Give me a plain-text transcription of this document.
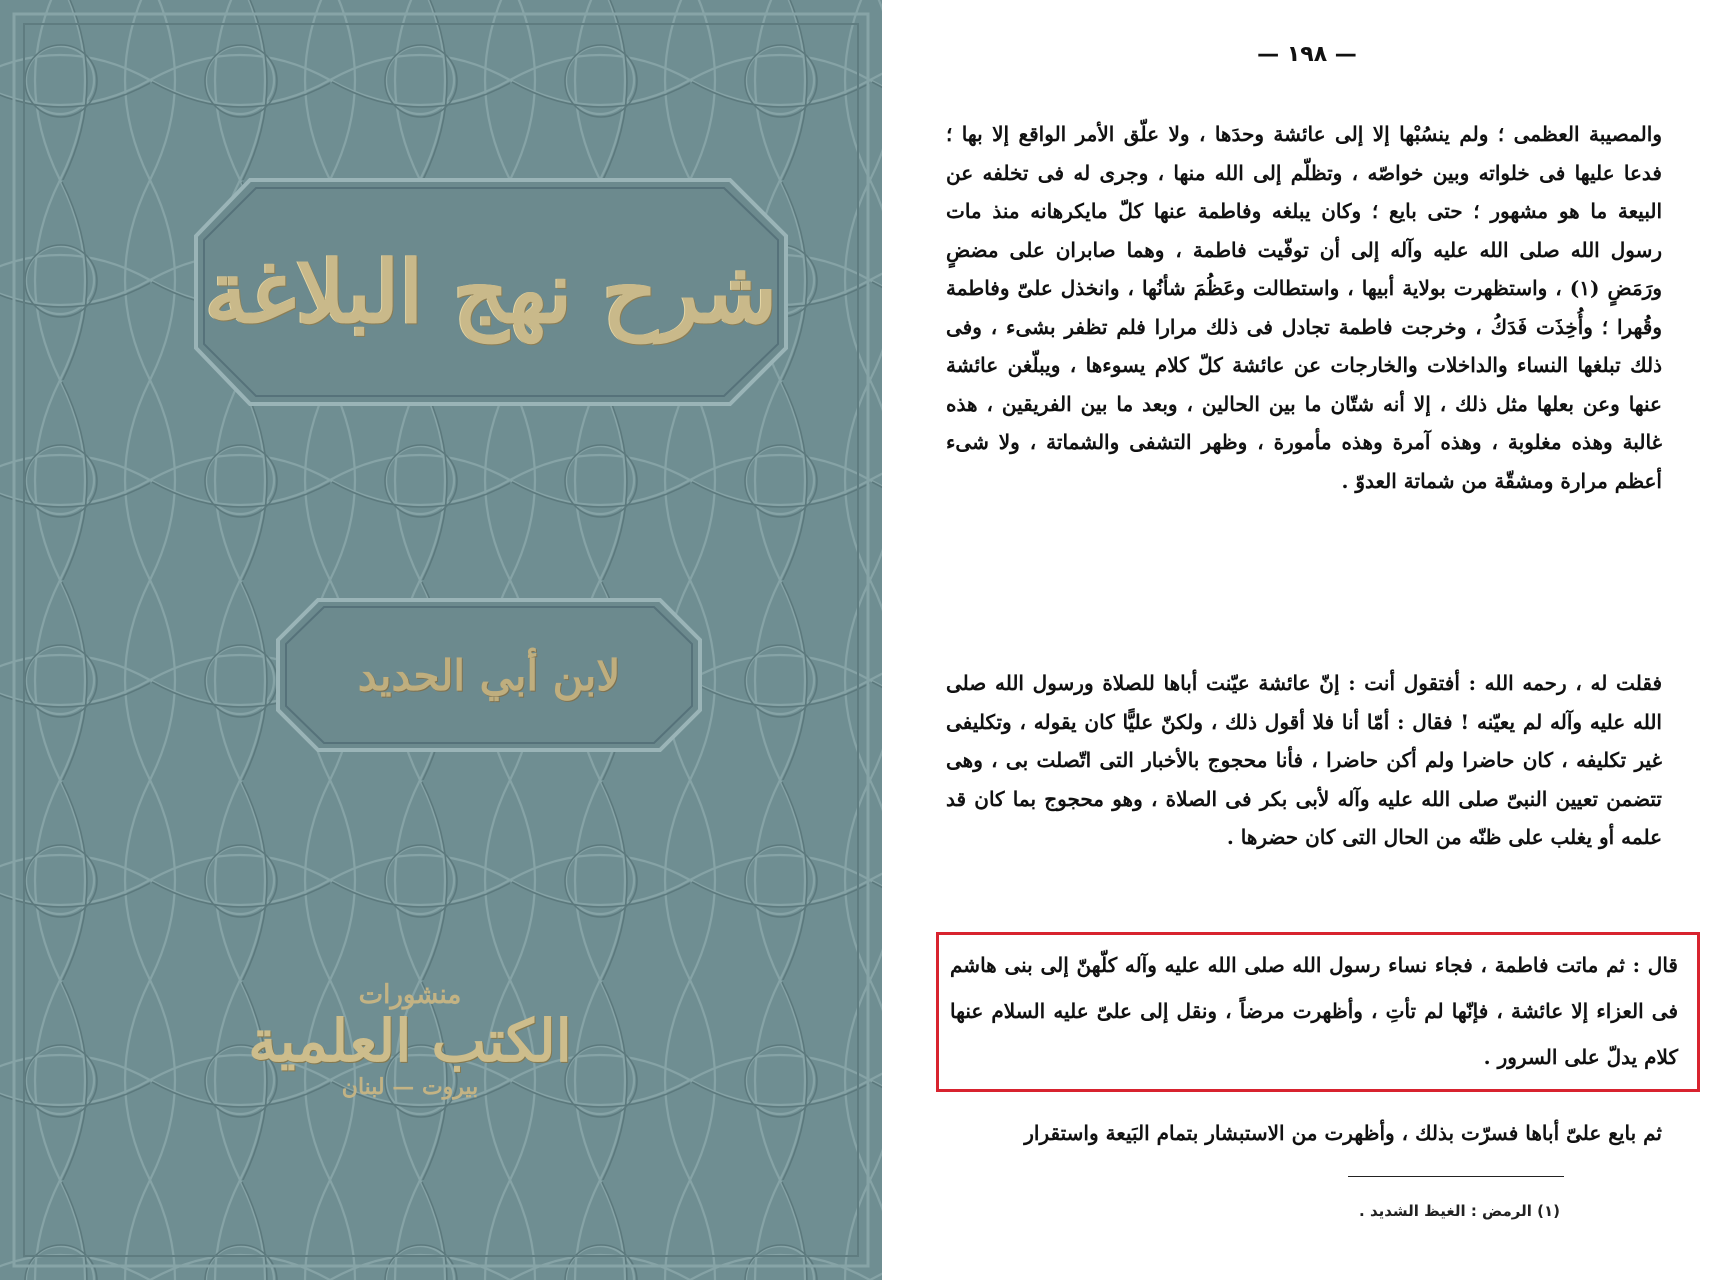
شرح نهج البلاغة
لابن أبي الحديد
منشورات
الكتب العلمية
بيروت — لبنان
— ١٩٨ —
والمصيبة العظمى ؛ ولم ينسُبْها إلا إلى عائشة وحدَها ، ولا علّق الأمر الواقع إلا بها ؛ فدعا عليها فى خلواته وبين خواصّه ، وتظلّم إلى الله منها ، وجرى له فى تخلفه عن البيعة ما هو مشهور ؛ حتى بايع ؛ وكان يبلغه وفاطمة عنها كلّ مايكرهانه منذ مات رسول الله صلى الله عليه وآله إلى أن توفّيت فاطمة ، وهما صابران على مضضٍ ورَمَضٍ (١) ، واستظهرت بولاية أبيها ، واستطالت وعَظُمَ شأنُها ، وانخذل علىّ وفاطمة وقُهرا ؛ وأُخِذَت فَدَكُ ، وخرجت فاطمة تجادل فى ذلك مرارا فلم تظفر بشىء ، وفى ذلك تبلغها النساء والداخلات والخارجات عن عائشة كلّ كلام يسوءها ، ويبلّغن عائشة عنها وعن بعلها مثل ذلك ، إلا أنه شتّان ما بين الحالين ، وبعد ما بين الفريقين ، هذه غالبة وهذه مغلوبة ، وهذه آمرة وهذه مأمورة ، وظهر التشفى والشماتة ، ولا شىء أعظم مرارة ومشقّة من شماتة العدوّ .
فقلت له ، رحمه الله : أفتقول أنت : إنّ عائشة عيّنت أباها للصلاة ورسول الله صلى الله عليه وآله لم يعيّنه ! فقال : أمّا أنا فلا أقول ذلك ، ولكنّ عليًّا كان يقوله ، وتكليفى غير تكليفه ، كان حاضرا ولم أكن حاضرا ، فأنا محجوج بالأخبار التى اتّصلت بى ، وهى تتضمن تعيين النبىّ صلى الله عليه وآله لأبى بكر فى الصلاة ، وهو محجوج بما كان قد علمه أو يغلب على ظنّه من الحال التى كان حضرها .
قال : ثم ماتت فاطمة ، فجاء نساء رسول الله صلى الله عليه وآله كلّهنّ إلى بنى هاشم فى العزاء إلا عائشة ، فإنّها لم تأتِ ، وأظهرت مرضاً ، ونقل إلى علىّ عليه السلام عنها كلام يدلّ على السرور .
ثم بايع علىّ أباها فسرّت بذلك ، وأظهرت من الاستبشار بتمام البَيعة واستقرار
(١) الرمض : الغيظ الشديد .
